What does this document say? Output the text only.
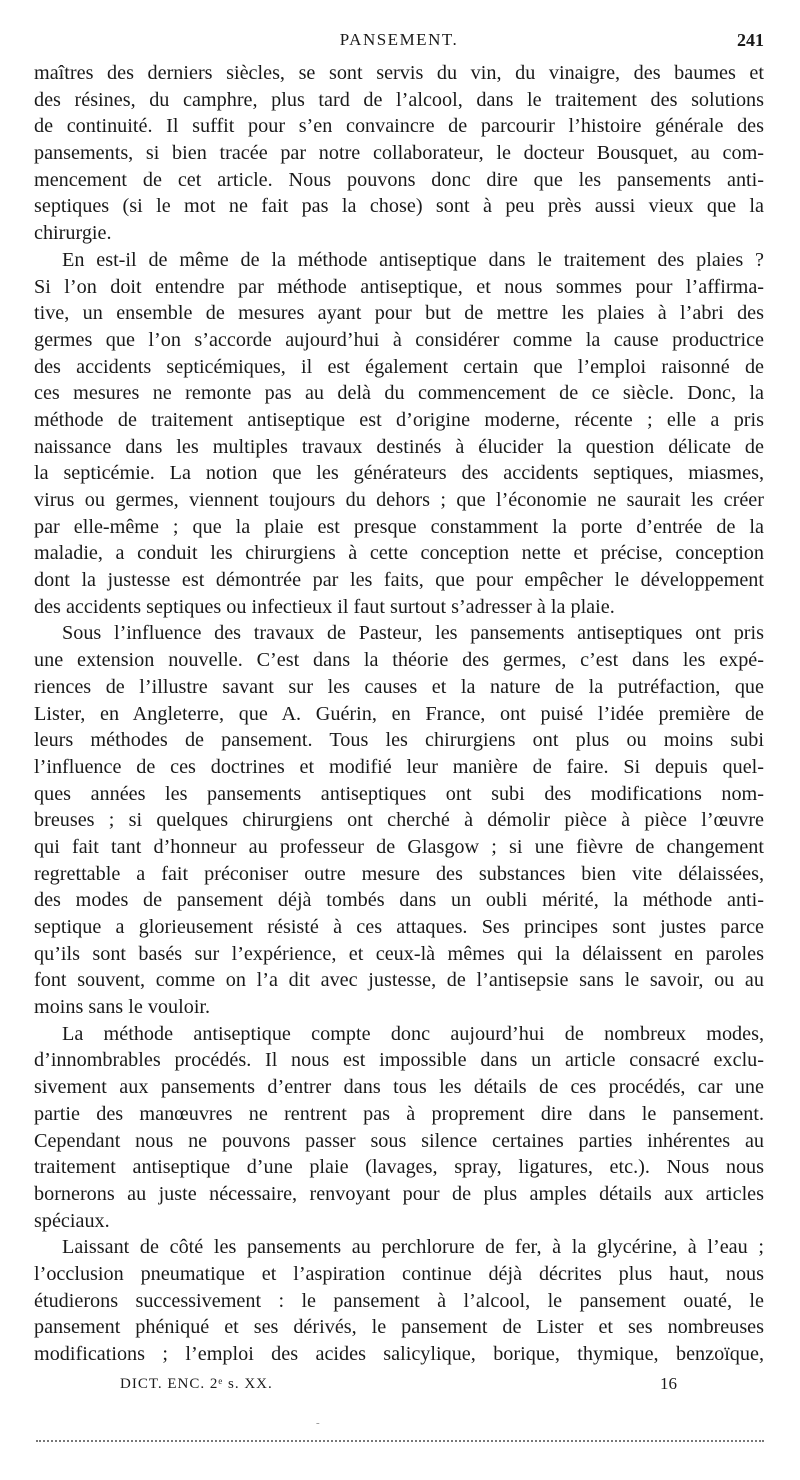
PANSEMENT.	241
maîtres des derniers siècles, se sont servis du vin, du vinaigre, des baumes et
des résines, du camphre, plus tard de l’alcool, dans le traitement des solutions
de continuité. Il suffit pour s’en convaincre de parcourir l’histoire générale des
pansements, si bien tracée par notre collaborateur, le docteur Bousquet, au com-
mencement de cet article. Nous pouvons donc dire que les pansements anti-
septiques (si le mot ne fait pas la chose) sont à peu près aussi vieux que la
chirurgie.
En est-il de même de la méthode antiseptique dans le traitement des plaies ?
Si l’on doit entendre par méthode antiseptique, et nous sommes pour l’affirma-
tive, un ensemble de mesures ayant pour but de mettre les plaies à l’abri des
germes que l’on s’accorde aujourd’hui à considérer comme la cause productrice
des accidents septicémiques, il est également certain que l’emploi raisonné de
ces mesures ne remonte pas au delà du commencement de ce siècle. Donc, la
méthode de traitement antiseptique est d’origine moderne, récente ; elle a pris
naissance dans les multiples travaux destinés à élucider la question délicate de
la septicémie. La notion que les générateurs des accidents septiques, miasmes,
virus ou germes, viennent toujours du dehors ; que l’économie ne saurait les créer
par elle-même ; que la plaie est presque constamment la porte d’entrée de la
maladie, a conduit les chirurgiens à cette conception nette et précise, conception
dont la justesse est démontrée par les faits, que pour empêcher le développement
des accidents septiques ou infectieux il faut surtout s’adresser à la plaie.
Sous l’influence des travaux de Pasteur, les pansements antiseptiques ont pris
une extension nouvelle. C’est dans la théorie des germes, c’est dans les expé-
riences de l’illustre savant sur les causes et la nature de la putréfaction, que
Lister, en Angleterre, que A. Guérin, en France, ont puisé l’idée première de
leurs méthodes de pansement. Tous les chirurgiens ont plus ou moins subi
l’influence de ces doctrines et modifié leur manière de faire. Si depuis quel-
ques années les pansements antiseptiques ont subi des modifications nom-
breuses ; si quelques chirurgiens ont cherché à démolir pièce à pièce l’œuvre
qui fait tant d’honneur au professeur de Glasgow ; si une fièvre de changement
regrettable a fait préconiser outre mesure des substances bien vite délaissées,
des modes de pansement déjà tombés dans un oubli mérité, la méthode anti-
septique a glorieusement résisté à ces attaques. Ses principes sont justes parce
qu’ils sont basés sur l’expérience, et ceux-là mêmes qui la délaissent en paroles
font souvent, comme on l’a dit avec justesse, de l’antisepsie sans le savoir, ou au
moins sans le vouloir.
La méthode antiseptique compte donc aujourd’hui de nombreux modes,
d’innombrables procédés. Il nous est impossible dans un article consacré exclu-
sivement aux pansements d’entrer dans tous les détails de ces procédés, car une
partie des manœuvres ne rentrent pas à proprement dire dans le pansement.
Cependant nous ne pouvons passer sous silence certaines parties inhérentes au
traitement antiseptique d’une plaie (lavages, spray, ligatures, etc.). Nous nous
bornerons au juste nécessaire, renvoyant pour de plus amples détails aux articles
spéciaux.
Laissant de côté les pansements au perchlorure de fer, à la glycérine, à l’eau ;
l’occlusion pneumatique et l’aspiration continue déjà décrites plus haut, nous
étudierons successivement : le pansement à l’alcool, le pansement ouaté, le
pansement phéniqué et ses dérivés, le pansement de Lister et ses nombreuses
modifications ; l’emploi des acides salicylique, borique, thymique, benzoïque,
DICT. ENC. 2ᵉ s. XX.	16
-
